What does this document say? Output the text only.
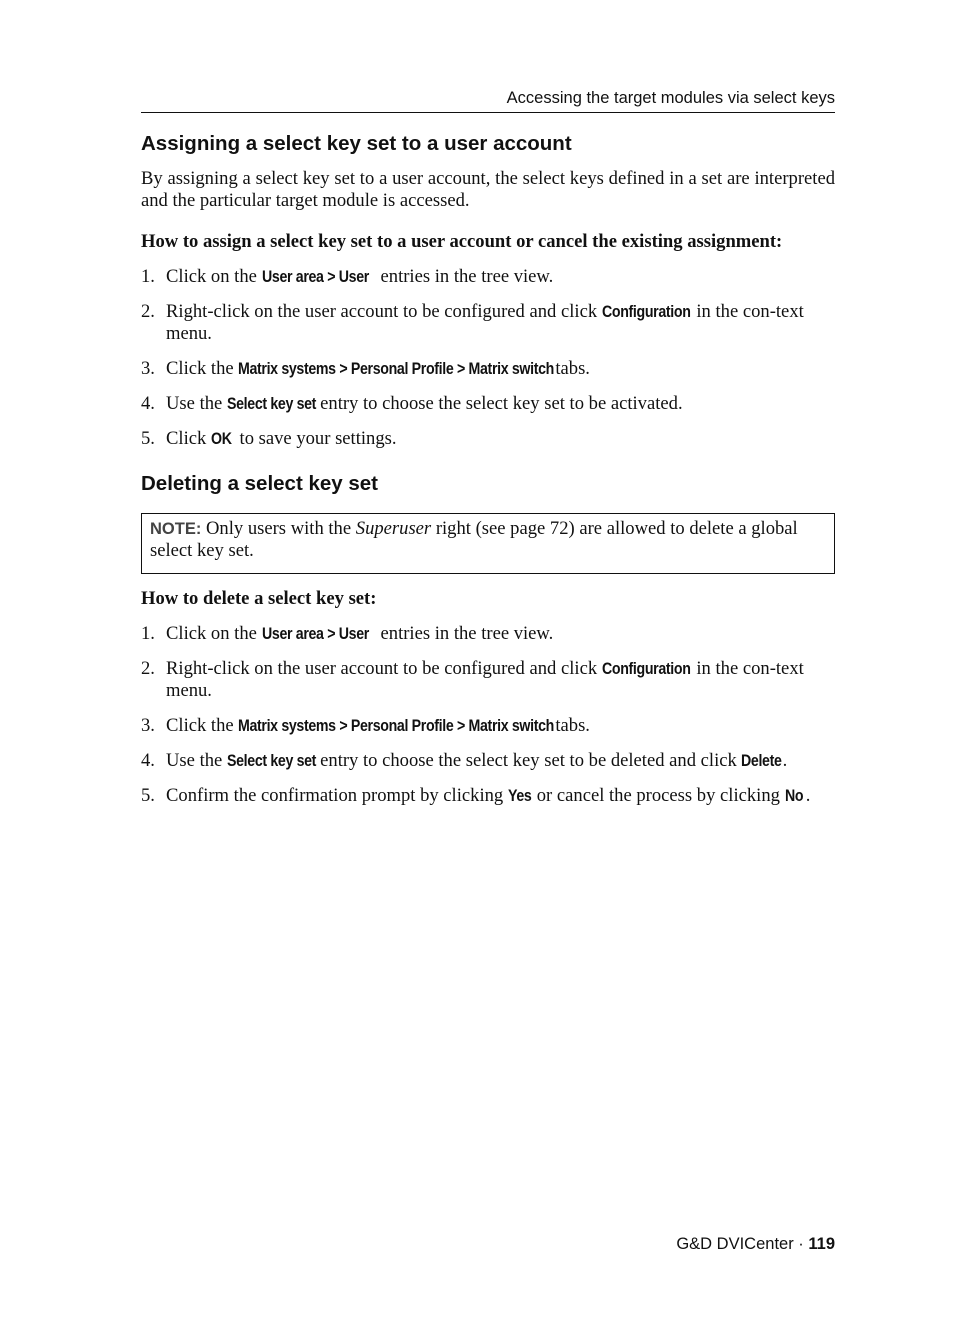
Accessing the target modules via select keys
Assigning a select key set to a user account

By assigning a select key set to a user account, the select keys defined in a set are interpreted and the particular target module is accessed.

How to assign a select key set to a user account or cancel the existing assignment:

1. Click on the User area > User entries in the tree view.
2. Right-click on the user account to be configured and click Configuration in the con-text menu.
3. Click the Matrix systems > Personal Profile > Matrix switch tabs.
4. Use the Select key set entry to choose the select key set to be activated.
5. Click OK to save your settings.
Deleting a select key set
NOTE: Only users with the Superuser right (see page 72) are allowed to delete a global select key set.

How to delete a select key set:

1. Click on the User area > User entries in the tree view.
2. Right-click on the user account to be configured and click Configuration in the con-text menu.
3. Click the Matrix systems > Personal Profile > Matrix switch tabs.
4. Use the Select key set entry to choose the select key set to be deleted and click Delete.
5. Confirm the confirmation prompt by clicking Yes or cancel the process by clicking No .
G&D DVICenter · 119
